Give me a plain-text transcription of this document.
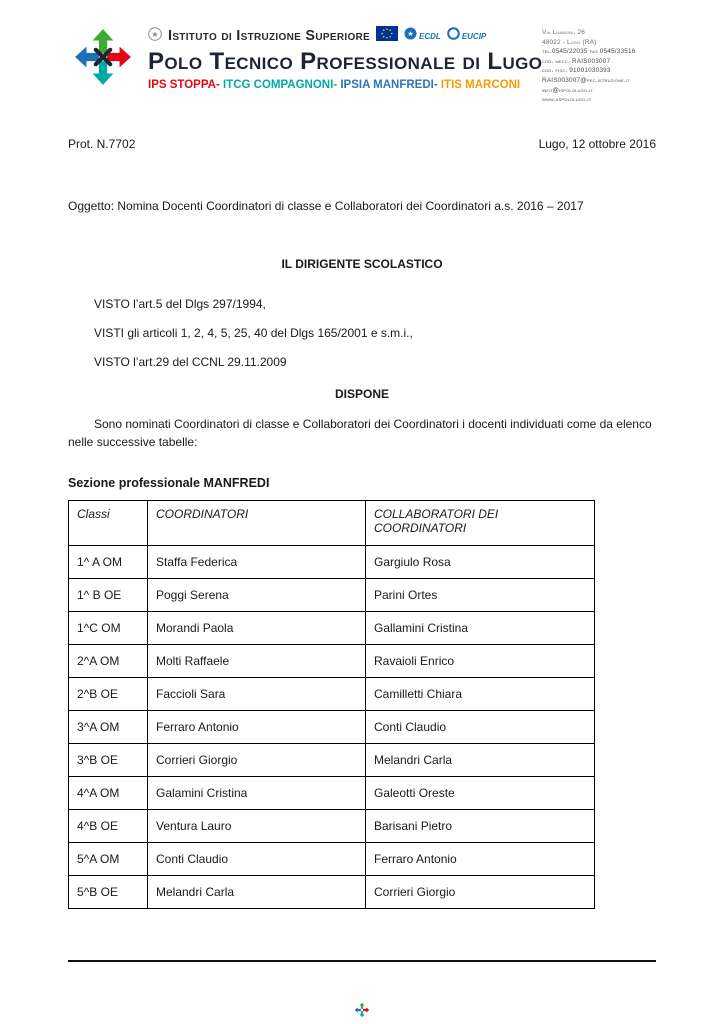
★ Istituto di Istruzione Superiore	★ ECDL	EUCIP
Polo Tecnico Professionale di Lugo
IPS STOPPA- ITCG COMPAGNONI- IPSIA MANFREDI- ITIS MARCONI
Via Lumagni, 26
48022 - Lugo (RA)
tel.0545/22035 fax 0545/33516
cod. mecc. RAIS003007
cod. fisc. 91001030393
RAIS003007@pec.istruzione.it
info@ispololugo.it
www.iispololugo.it
Prot. N.7702	Lugo, 12 ottobre 2016
Oggetto: Nomina Docenti Coordinatori di classe e Collaboratori dei Coordinatori a.s. 2016 – 2017
IL DIRIGENTE SCOLASTICO
VISTO l’art.5 del Dlgs 297/1994,
VISTI gli articoli 1, 2, 4, 5, 25, 40 del Dlgs 165/2001 e s.m.i.,
VISTO l’art.29 del CCNL 29.11.2009
DISPONE
Sono nominati Coordinatori di classe e Collaboratori dei Coordinatori i docenti individuati come da elenco nelle successive tabelle:
Sezione professionale MANFREDI
Classi	COORDINATORI	COLLABORATORI DEI COORDINATORI
1^ A OM	Staffa Federica	Gargiulo Rosa
1^ B OE	Poggi Serena	Parini Ortes
1^C OM	Morandi Paola	Gallamini Cristina
2^A OM	Molti Raffaele	Ravaioli Enrico
2^B OE	Faccioli Sara	Camilletti Chiara
3^A OM	Ferraro Antonio	Conti Claudio
3^B OE	Corrieri Giorgio	Melandri Carla
4^A OM	Galamini Cristina	Galeotti Oreste
4^B OE	Ventura Lauro	Barisani Pietro
5^A OM	Conti Claudio	Ferraro Antonio
5^B OE	Melandri Carla	Corrieri Giorgio
